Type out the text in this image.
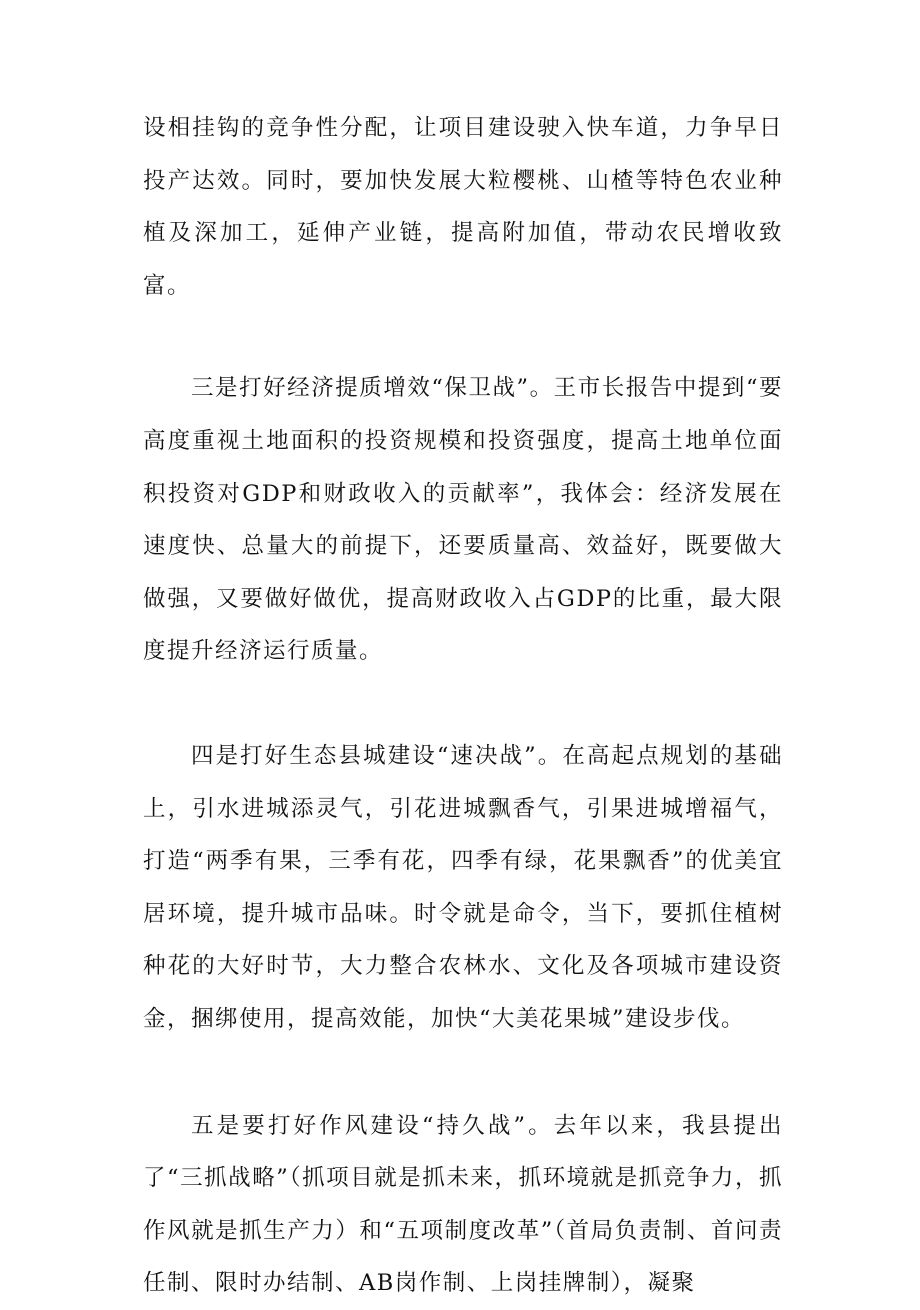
设相挂钩的竞争性分配，让项目建设驶入快车道，力争早日投产达效。同时，要加快发展大粒樱桃、山楂等特色农业种植及深加工，延伸产业链，提高附加值，带动农民增收致富。

三是打好经济提质增效“保卫战”。王市长报告中提到“要高度重视土地面积的投资规模和投资强度，提高土地单位面积投资对GDP和财政收入的贡献率”，我体会：经济发展在速度快、总量大的前提下，还要质量高、效益好，既要做大做强，又要做好做优，提高财政收入占GDP的比重，最大限度提升经济运行质量。

四是打好生态县城建设“速决战”。在高起点规划的基础上，引水进城添灵气，引花进城飘香气，引果进城增福气，打造“两季有果，三季有花，四季有绿，花果飘香”的优美宜居环境，提升城市品味。时令就是命令，当下，要抓住植树种花的大好时节，大力整合农林水、文化及各项城市建设资金，捆绑使用，提高效能，加快“大美花果城”建设步伐。

五是要打好作风建设“持久战”。去年以来，我县提出了“三抓战略”（抓项目就是抓未来，抓环境就是抓竞争力，抓作风就是抓生产力）和“五项制度改革”（首局负责制、首问责任制、限时办结制、AB岗作制、上岗挂牌制），凝聚
